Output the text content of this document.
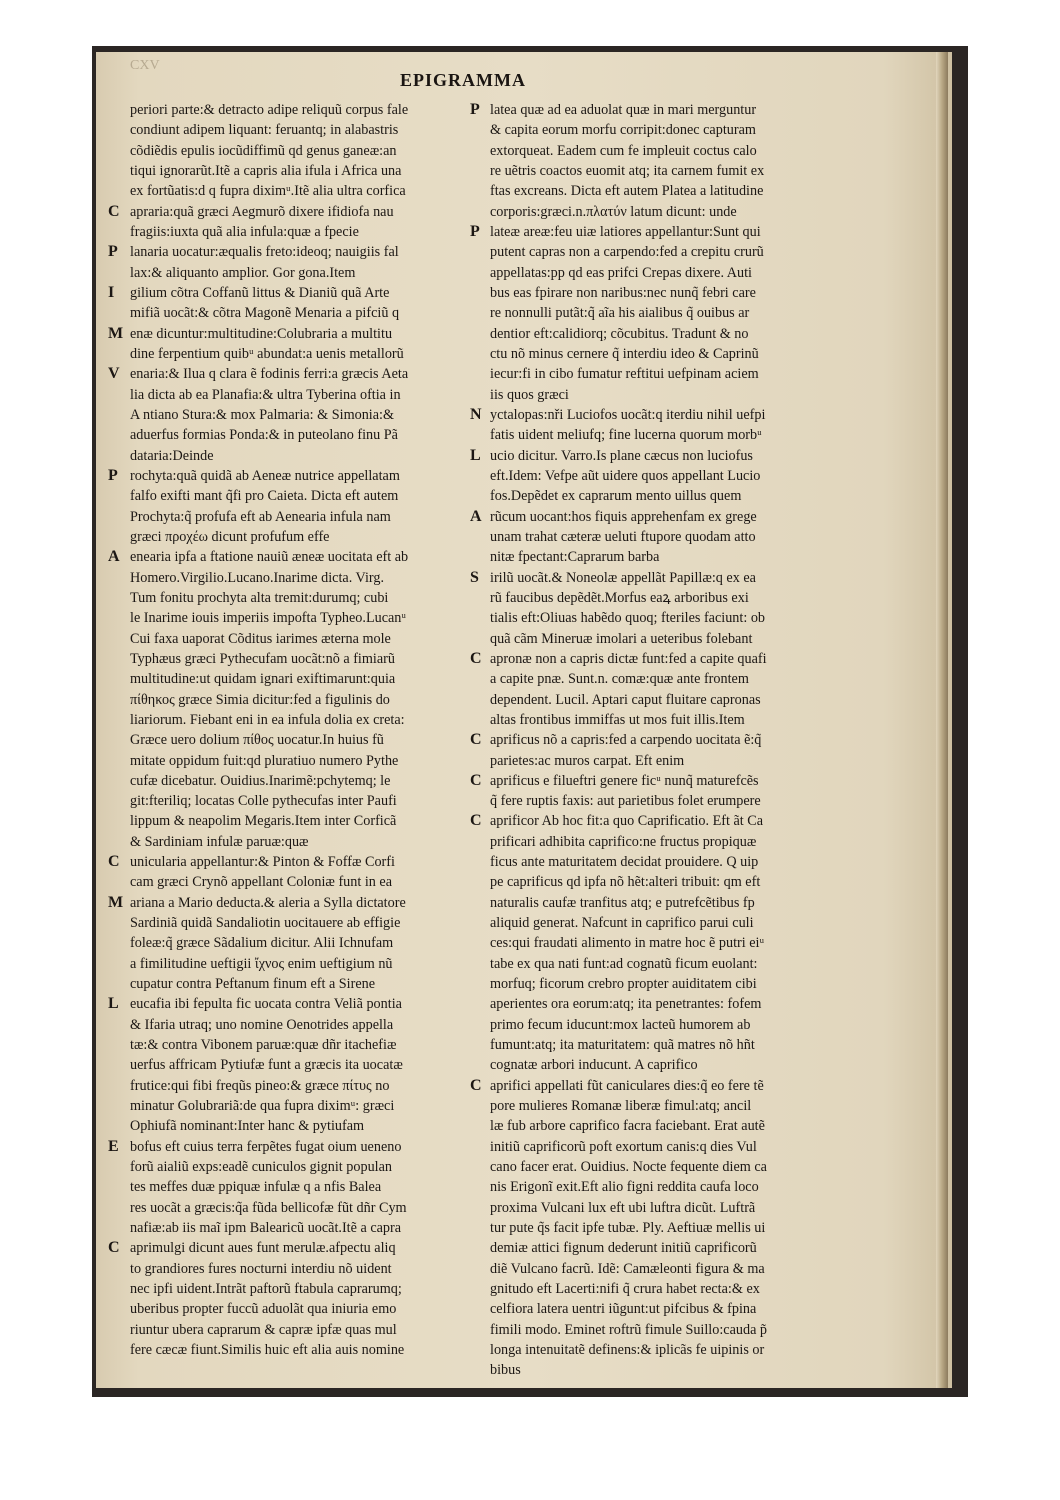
CXV
EPIGRAMMA
periori parte:& detracto adipe reliquũ corpus fale
condiunt adipem liquant: feruantq; in alabastris
cõdiẽdis epulis iocũdiffimũ qd genus ganeæ:an
tiqui ignorarũt.Itẽ a capris alia ifula i Africa una
ex fortũatis:d q fupra diximᵘ.Itẽ alia ultra corfica
C apraria:quã græci Aegmurõ dixere ifidiofa nau
fragiis:iuxta quã alia infula:quæ a fpecie
P lanaria uocatur:æqualis freto:ideoq; nauigiis fal
lax:& aliquanto amplior. Gor gona.Item
I gilium cõtra Coffanũ littus & Dianiũ quã Arte
mifiã uocãt:& cõtra Magonẽ Menaria a pifciũ q
M enæ dicuntur:multitudine:Colubraria a multitu
dine ferpentium quibᵘ abundat:a uenis metallorũ
V enaria:& Ilua q clara ẽ fodinis ferri:a græcis Aeta
lia dicta ab ea Planafia:& ultra Tyberina oftia in
A ntiano Stura:& mox Palmaria: & Simonia:&
aduerfus formias Ponda:& in puteolano finu Pã
dataria:Deinde
P rochyta:quã quidã ab Aeneæ nutrice appellatam
falfo exifti mant q̃fi pro Caieta. Dicta eft autem
Prochyta:q̃ profufa eft ab Aenearia infula nam
græci προχέω dicunt profufum effe
A enearia ipfa a ftatione nauiũ æneæ uocitata eft ab
Homero.Virgilio.Lucano.Inarime dicta. Virg.
Tum fonitu prochyta alta tremit:durumq; cubi
le Inarime iouis imperiis impofta Typheo.Lucanᵘ
Cui faxa uaporat Cõditus iarimes æterna mole
Typhæus græci Pythecufam uocãt:nõ a fimiarũ
multitudine:ut quidam ignari exiftimarunt:quia
πίθηκος græce Simia dicitur:fed a figulinis do
liariorum. Fiebant eni in ea infula dolia ex creta:
Græce uero dolium πίθος uocatur.In huius fũ
mitate oppidum fuit:qd pluratiuo numero Pythe
cufæ dicebatur. Ouidius.Inarimẽ:pchytemq; le
git:fteriliq; locatas Colle pythecufas inter Paufi
lippum & neapolim Megaris.Item inter Corficã
& Sardiniam infulæ paruæ:quæ
C unicularia appellantur:& Pinton & Foffæ Corfi
cam græci Crynõ appellant Coloniæ funt in ea
M ariana a Mario deducta.& aleria a Sylla dictatore
Sardiniã quidã Sandaliotin uocitauere ab effigie
foleæ:q̃ græce Sãdalium dicitur. Alii Ichnufam
a fimilitudine ueftigii ἴχνος enim ueftigium nũ
cupatur contra Peftanum finum eft a Sirene
L eucafia ibi fepulta fic uocata contra Veliã pontia
& Ifaria utraq; uno nomine Oenotrides appella
tæ:& contra Vibonem paruæ:quæ dñr itachefiæ
uerfus affricam Pytiufæ funt a græcis ita uocatæ
frutice:qui fibi freqũs pineo:& græce πίτυς no
minatur Golubrariã:de qua fupra diximᵘ: græci
Ophiufã nominant:Inter hanc & pytiufam
E bofus eft cuius terra ferpẽtes fugat oium ueneno
forũ aialiũ exps:eadẽ cuniculos gignit populan
tes meffes duæ ppiquæ infulæ q a nfis Balea
res uocãt a græcis:q̃a fũda bellicofæ fũt dñr Cym
nafiæ:ab iis maĩ ipm Balearicũ uocãt.Itẽ a capra
C aprimulgi dicunt aues funt merulæ.afpectu aliq
to grandiores fures nocturni interdiu nõ uident
nec ipfi uident.Intrãt paftorũ ftabula caprarumq;
uberibus propter fuccũ aduolãt qua iniuria emo
riuntur ubera caprarum & capræ ipfæ quas mul
fere cæcæ fiunt.Similis huic eft alia auis nomine
P latea quæ ad ea aduolat quæ in mari merguntur
& capita eorum morfu corripit:donec capturam
extorqueat. Eadem cum fe impleuit coctus calo
re uẽtris coactos euomit atq; ita carnem fumit ex
ftas excreans. Dicta eft autem Platea a latitudine
corporis:græci.n.πλατύν latum dicunt: unde
P lateæ areæ:feu uiæ latiores appellantur:Sunt qui
putent capras non a carpendo:fed a crepitu crurũ
appellatas:pp qd eas prifci Crepas dixere. Auti
bus eas fpirare non naribus:nec nunq̃ febri care
re nonnulli putãt:q̃ aĩa his aialibus q̃ ouibus ar
dentior eft:calidiorq; cõcubitus. Tradunt & no
ctu nõ minus cernere q̃ interdiu ideo & Caprinũ
iecur:fi in cibo fumatur reftitui uefpinam aciem
iis quos græci
N yctalopas:nři Luciofos uocãt:q iterdiu nihil uefpi
fatis uident meliufq; fine lucerna quorum morbᵘ
L ucio dicitur. Varro.Is plane cæcus non luciofus
eft.Idem: Vefpe aũt uidere quos appellant Lucio
fos.Depẽdet ex caprarum mento uillus quem
A rũcum uocant:hos fiquis apprehenfam ex grege
unam trahat cæteræ ueluti ftupore quodam atto
nitæ fpectant:Caprarum barba
S irilũ uocãt.& Noneolæ appellãt Papillæ:q ex ea
rũ faucibus depẽdẽt.Morfus eaꝝ arboribus exi
tialis eft:Oliuas habẽdo quoq; fteriles faciunt: ob
quã cãm Mineruæ imolari a ueteribus folebant
C apronæ non a capris dictæ funt:fed a capite quafi
a capite pnæ. Sunt.n. comæ:quæ ante frontem
dependent. Lucil. Aptari caput fluitare capronas
altas frontibus immiffas ut mos fuit illis.Item
C aprificus nõ a capris:fed a carpendo uocitata ẽ:q̃
parietes:ac muros carpat. Eft enim
C aprificus e filueftri genere ficᵘ nunq̃ maturefcẽs
q̃ fere ruptis faxis: aut parietibus folet erumpere
C aprificor Ab hoc fit:a quo Caprificatio. Eft ãt Ca
prificari adhibita caprifico:ne fructus propiquæ
ficus ante maturitatem decidat prouidere. Q uip
pe caprificus qd ipfa nõ hẽt:alteri tribuit: qm eft
naturalis caufæ tranfitus atq; e putrefcẽtibus fp
aliquid generat. Nafcunt in caprifico parui culi
ces:qui fraudati alimento in matre hoc ẽ putri eiᵘ
tabe ex qua nati funt:ad cognatũ ficum euolant:
morfuq; ficorum crebro propter auiditatem cibi
aperientes ora eorum:atq; ita penetrantes: fofem
primo fecum iducunt:mox lacteũ humorem ab
fumunt:atq; ita maturitatem: quã matres nõ hñt
cognatæ arbori inducunt. A caprifico
C aprifici appellati fũt caniculares dies:q̃ eo fere tẽ
pore mulieres Romanæ liberæ fimul:atq; ancil
læ fub arbore caprifico facra faciebant. Erat autẽ
initiũ caprificorũ poft exortum canis:q dies Vul
cano facer erat. Ouidius. Nocte fequente diem ca
nis Erigonĩ exit.Eft alio figni reddita caufa loco
proxima Vulcani lux eft ubi luftra dicũt. Luftrã
tur pute q̃s facit ipfe tubæ. Ply. Aeftiuæ mellis ui
demiæ attici fignum dederunt initiũ caprificorũ
diẽ Vulcano facrũ. Idẽ: Camæleonti figura & ma
gnitudo eft Lacerti:nifi q̃ crura habet recta:& ex
celfiora latera uentri iũgunt:ut pifcibus & fpina
fimili modo. Eminet roftrũ fimule Suillo:cauda p̃
longa intenuitatẽ definens:& iplicãs fe uipinis or
bibus
